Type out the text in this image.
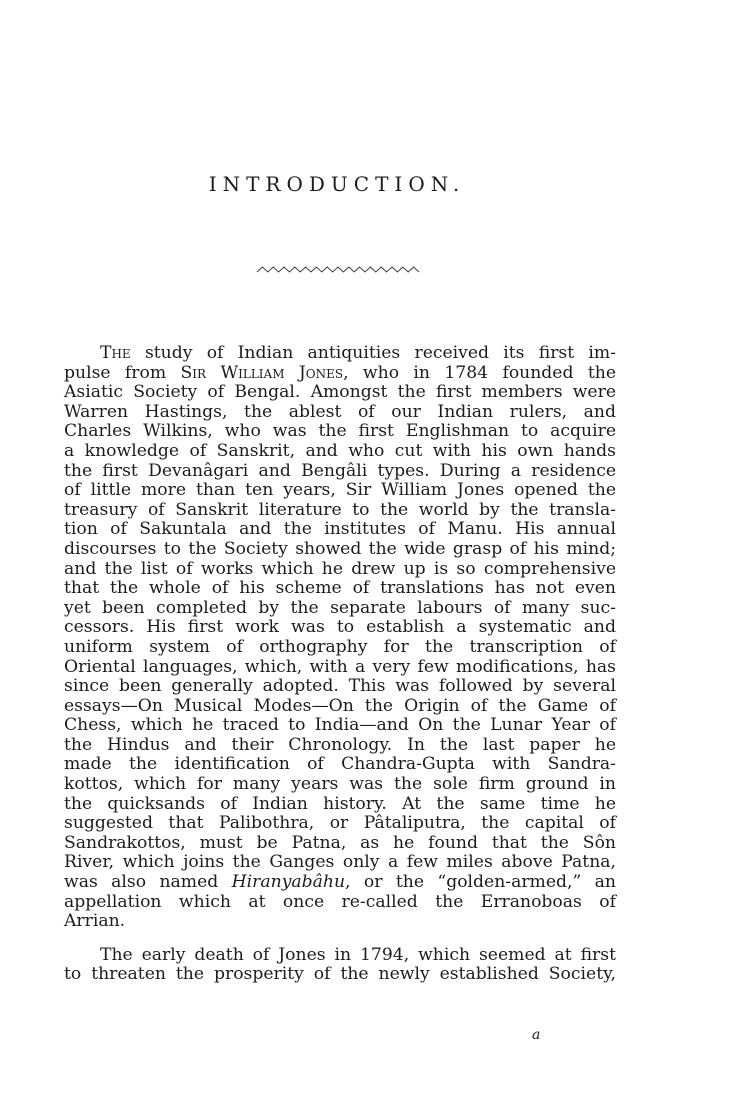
INTRODUCTION.
The study of Indian antiquities received its first im-
pulse from Sir William Jones, who in 1784 founded the
Asiatic Society of Bengal. Amongst the first members were
Warren Hastings, the ablest of our Indian rulers, and
Charles Wilkins, who was the first Englishman to acquire
a knowledge of Sanskrit, and who cut with his own hands
the first Devanâgari and Bengâli types. During a residence
of little more than ten years, Sir William Jones opened the
treasury of Sanskrit literature to the world by the transla-
tion of Sakuntala and the institutes of Manu. His annual
discourses to the Society showed the wide grasp of his mind;
and the list of works which he drew up is so comprehensive
that the whole of his scheme of translations has not even
yet been completed by the separate labours of many suc-
cessors. His first work was to establish a systematic and
uniform system of orthography for the transcription of
Oriental languages, which, with a very few modifications, has
since been generally adopted. This was followed by several
essays—On Musical Modes—On the Origin of the Game of
Chess, which he traced to India—and On the Lunar Year of
the Hindus and their Chronology. In the last paper he
made the identification of Chandra-Gupta with Sandra-
kottos, which for many years was the sole firm ground in
the quicksands of Indian history. At the same time he
suggested that Palibothra, or Pâtaliputra, the capital of
Sandrakottos, must be Patna, as he found that the Sôn
River, which joins the Ganges only a few miles above Patna,
was also named Hiranyabâhu, or the “golden-armed,” an
appellation which at once re-called the Erranoboas of
Arrian.
The early death of Jones in 1794, which seemed at first
to threaten the prosperity of the newly established Society,
a
